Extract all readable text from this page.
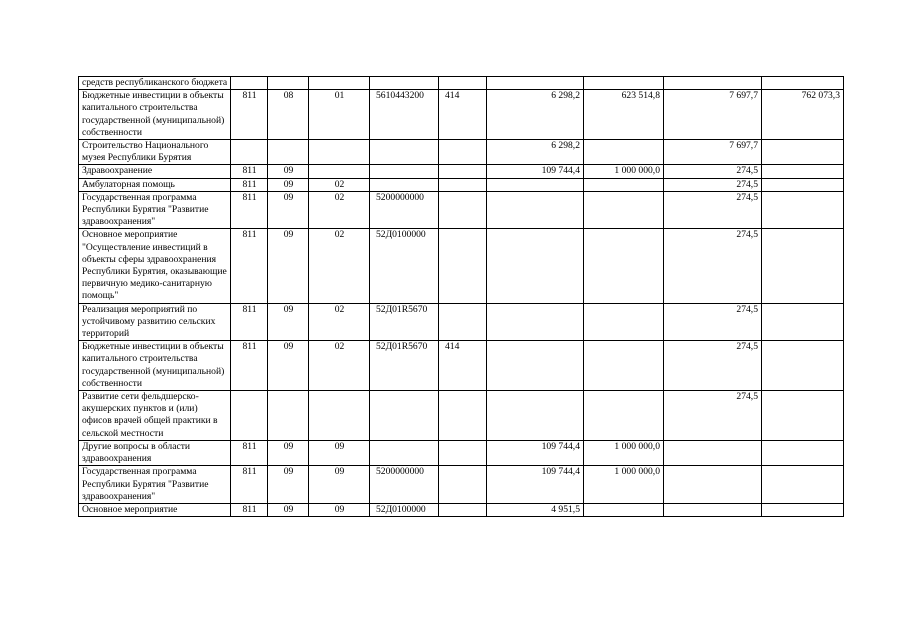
средств республиканского бюджета									
Бюджетные инвестиции в объекты капитального строительства государственной (муниципальной) собственности	811	08	01	5610443200	414	6 298,2	623 514,8	7 697,7	762 073,3
Строительство Национального музея Республики Бурятия						6 298,2		7 697,7	
Здравоохранение	811	09				109 744,4	1 000 000,0	274,5	
Амбулаторная помощь	811	09	02					274,5	
Государственная программа Республики Бурятия "Развитие здравоохранения"	811	09	02	5200000000				274,5	
Основное мероприятие "Осуществление инвестиций в объекты сферы здравоохранения Республики Бурятия, оказывающие первичную медико-санитарную помощь"	811	09	02	52Д0100000				274,5	
Реализация мероприятий по устойчивому развитию сельских территорий	811	09	02	52Д01R5670				274,5	
Бюджетные инвестиции в объекты капитального строительства государственной (муниципальной) собственности	811	09	02	52Д01R5670	414			274,5	
Развитие сети фельдшерско-акушерских пунктов и (или) офисов врачей общей практики в сельской местности								274,5	
Другие вопросы в области здравоохранения	811	09	09			109 744,4	1 000 000,0		
Государственная программа Республики Бурятия "Развитие здравоохранения"	811	09	09	5200000000		109 744,4	1 000 000,0		
Основное мероприятие	811	09	09	52Д0100000		4 951,5			
